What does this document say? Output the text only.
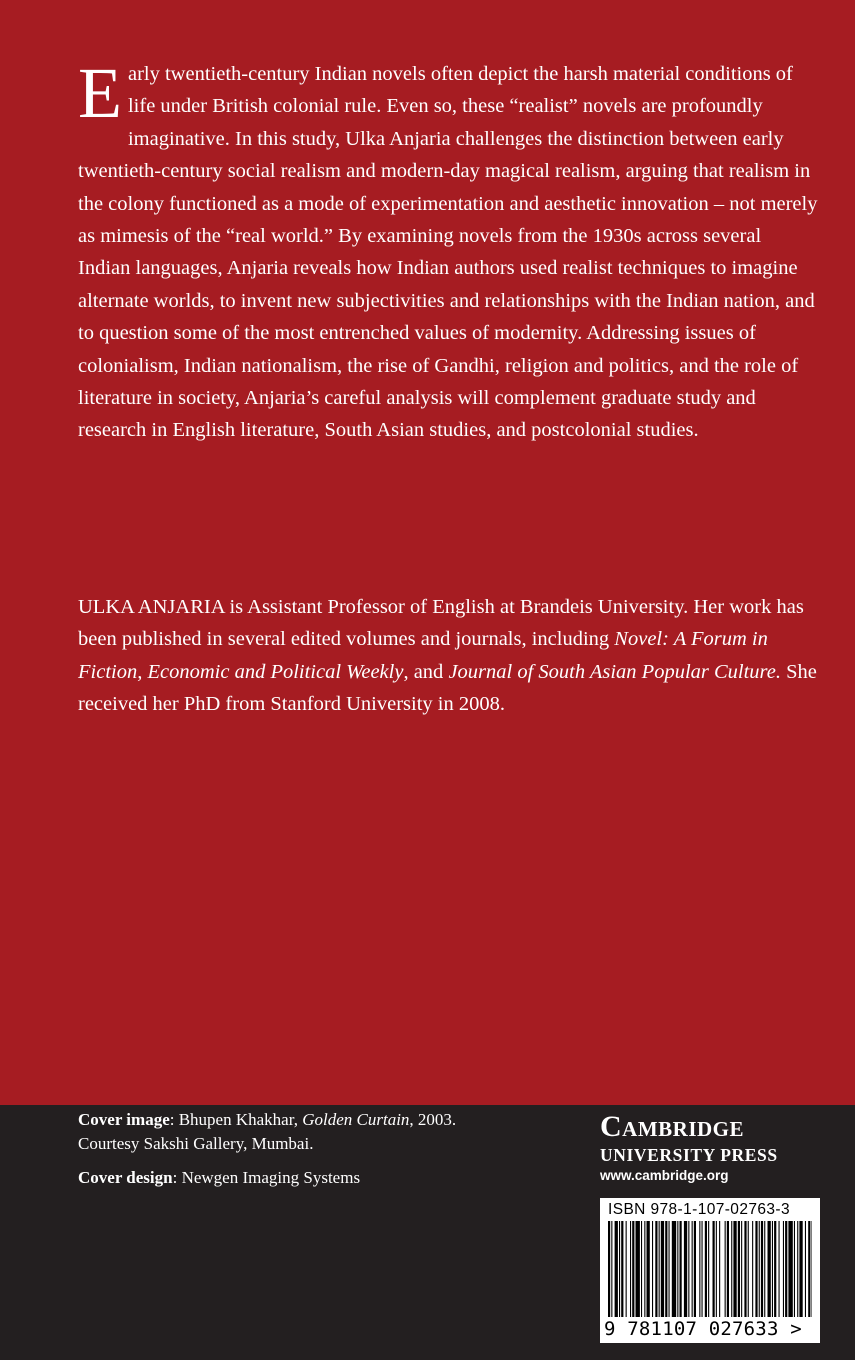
Early twentieth-century Indian novels often depict the harsh material conditions of life under British colonial rule. Even so, these “realist” novels are profoundly imaginative. In this study, Ulka Anjaria challenges the distinction between early twentieth-century social realism and modern-day magical realism, arguing that realism in the colony functioned as a mode of experimentation and aesthetic innovation – not merely as mimesis of the “real world.” By examining novels from the 1930s across several Indian languages, Anjaria reveals how Indian authors used realist techniques to imagine alternate worlds, to invent new subjectivities and relationships with the Indian nation, and to question some of the most entrenched values of modernity. Addressing issues of colonialism, Indian nationalism, the rise of Gandhi, religion and politics, and the role of literature in society, Anjaria’s careful analysis will complement graduate study and research in English literature, South Asian studies, and postcolonial studies.

ULKA ANJARIA is Assistant Professor of English at Brandeis University. Her work has been published in several edited volumes and journals, including Novel: A Forum in Fiction, Economic and Political Weekly, and Journal of South Asian Popular Culture. She received her PhD from Stanford University in 2008.

Cover image: Bhupen Khakhar, Golden Curtain, 2003. Courtesy Sakshi Gallery, Mumbai.

Cover design: Newgen Imaging Systems

Cambridge
UNIVERSITY PRESS
www.cambridge.org
ISBN 978-1-107-02763-3
9 781107 027633 >
